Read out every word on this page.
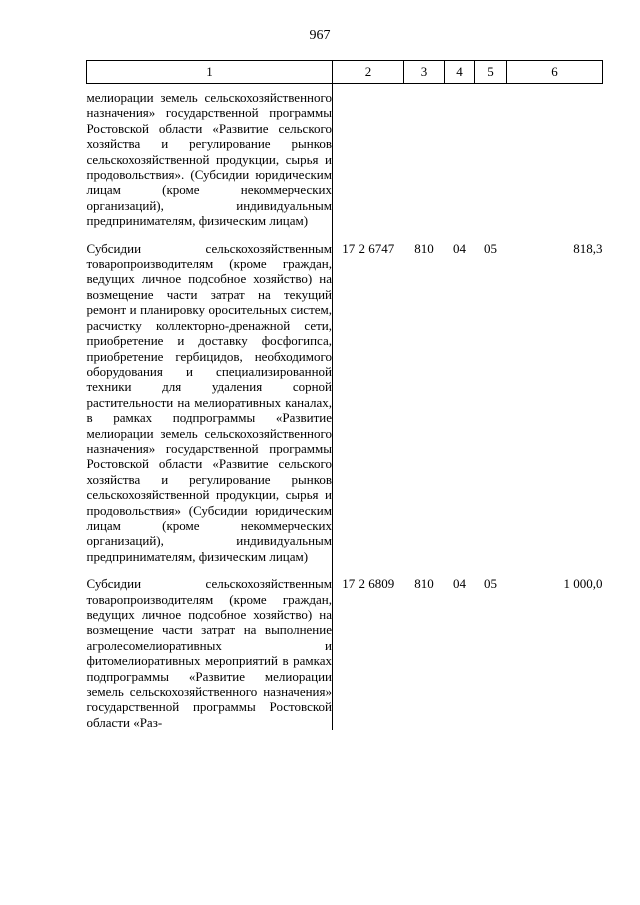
967
1	2	3	4	5	6
мелиорации земель сельскохозяйственного назначения» государственной программы Ростовской области «Развитие сельского хозяйства и регулирование рынков сельскохозяйственной продукции, сырья и продовольствия». (Субсидии юридическим лицам (кроме некоммерческих организаций), индивидуальным предпринимателям, физическим лицам)					

Субсидии сельскохозяйственным товаропроизводителям (кроме граждан, ведущих личное подсобное хозяйство) на возмещение части затрат на текущий ремонт и планировку оросительных систем, расчистку коллекторно-дренажной сети, приобретение и доставку фосфогипса, приобретение гербицидов, необходимого оборудования и специализированной техники для удаления сорной растительности на мелиоративных каналах, в рамках подпрограммы «Развитие мелиорации земель сельскохозяйственного назначения» государственной программы Ростовской области «Развитие сельского хозяйства и регулирование рынков сельскохозяйственной продукции, сырья и продовольствия» (Субсидии юридическим лицам (кроме некоммерческих организаций), индивидуальным предпринимателям, физическим лицам)	17 2 6747	810	04	05	818,3

Субсидии сельскохозяйственным товаропроизводителям (кроме граждан, ведущих личное подсобное хозяйство) на возмещение части затрат на выполнение агролесомелиоративных и фитомелиоративных мероприятий в рамках подпрограммы «Развитие мелиорации земель сельскохозяйственного назначения» государственной программы Ростовской области «Раз-	17 2 6809	810	04	05	1 000,0
